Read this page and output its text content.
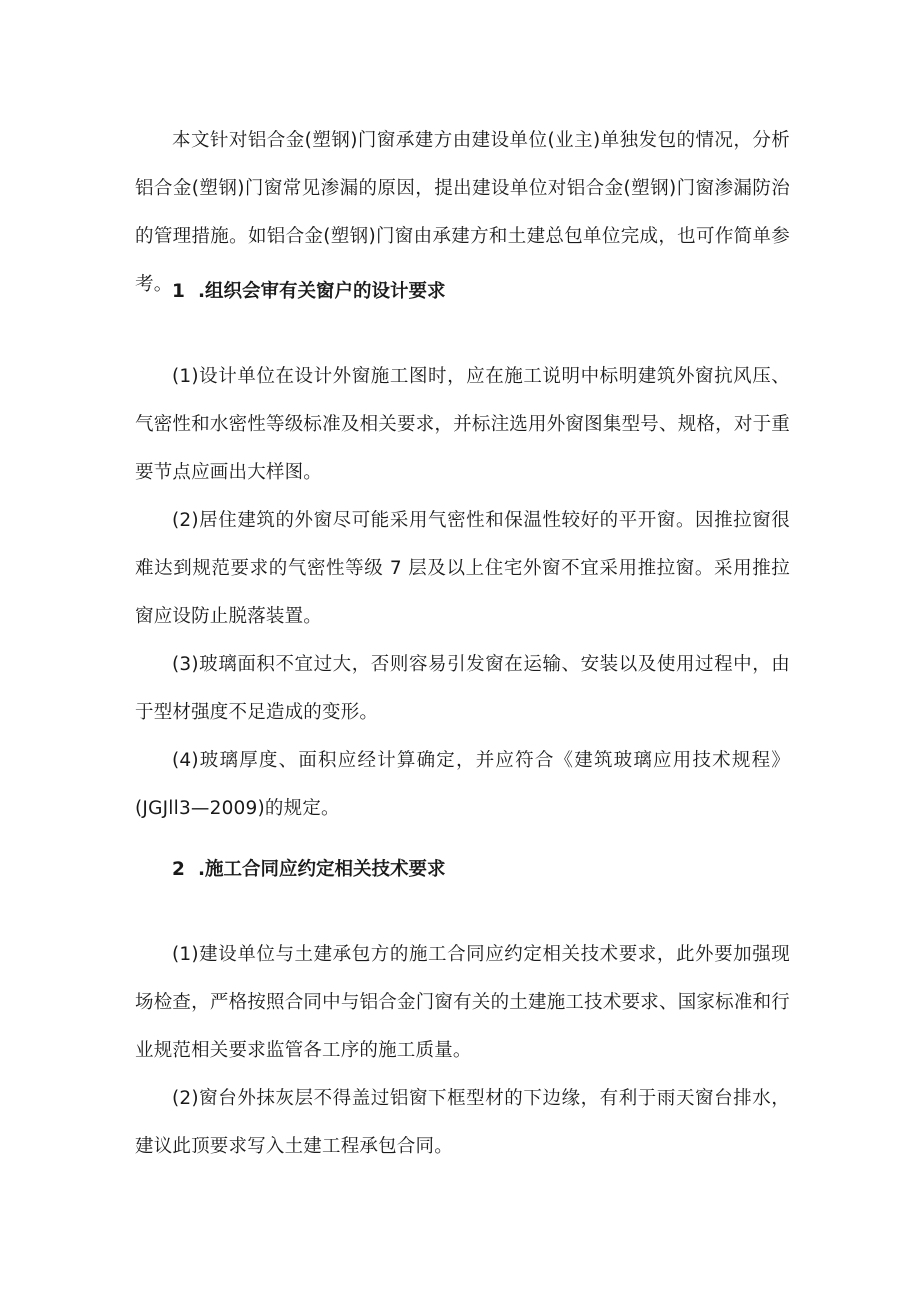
本文针对铝合金(塑钢)门窗承建方由建设单位(业主)单独发包的情况，分析铝合金(塑钢)门窗常见渗漏的原因，提出建设单位对铝合金(塑钢)门窗渗漏防治的管理措施。如铝合金(塑钢)门窗由承建方和土建总包单位完成，也可作简单参考。 1 .组织会审有关窗户的设计要求

(1)设计单位在设计外窗施工图时，应在施工说明中标明建筑外窗抗风压、气密性和水密性等级标准及相关要求，并标注选用外窗图集型号、规格，对于重要节点应画出大样图。

(2)居住建筑的外窗尽可能采用气密性和保温性较好的平开窗。因推拉窗很难达到规范要求的气密性等级 7 层及以上住宅外窗不宜采用推拉窗。采用推拉窗应设防止脱落装置。

(3)玻璃面积不宜过大，否则容易引发窗在运输、安装以及使用过程中，由于型材强度不足造成的变形。

(4)玻璃厚度、面积应经计算确定，并应符合《建筑玻璃应用技术规程》(JGJll3—2009)的规定。

2 .施工合同应约定相关技术要求

(1)建设单位与土建承包方的施工合同应约定相关技术要求，此外要加强现场检查，严格按照合同中与铝合金门窗有关的土建施工技术要求、国家标准和行业规范相关要求监管各工序的施工质量。

(2)窗台外抹灰层不得盖过铝窗下框型材的下边缘，有利于雨天窗台排水，建议此顶要求写入土建工程承包合同。
